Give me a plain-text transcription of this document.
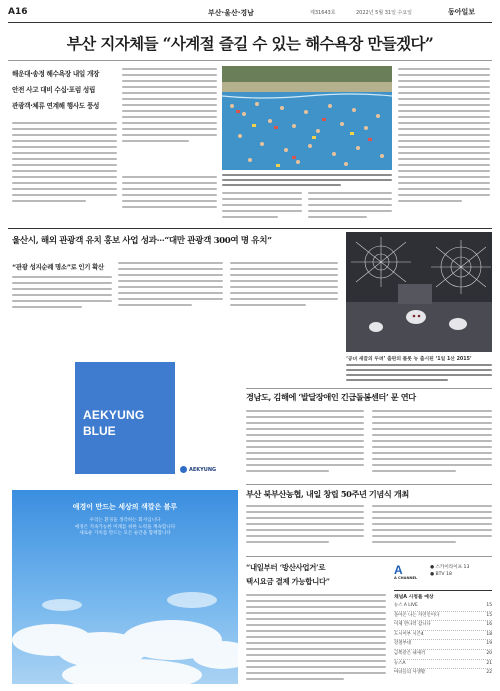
A16	부산·울산·경남	제31643호	2022년 5월 31일 수요일	동아일보
부산 지자체들 “사계절 즐길 수 있는 해수욕장 만들겠다”
해운대·송정 해수욕장 내일 개장
안전 사고 대비 수십·포럼 성립
관광객·체류 연계해 행사도 풍성
울산시, 해외 관광객 유치 홍보 사업 성과···“대만 관광객 300여 명 유치”
“관광 성지순례 명소”로 인기 확산
‘공녀 새끌의 두려’ 출판의 플롯 뉴 출시된 ‘1일 1산 2015’
AEKYUNG
BLUE
AEKYUNG
애경이 만드는 세상의 색깔은 블루
우리는 환경을 생각하는 회사입니다
애경은 지속가능한 미래를 위한 노력을 계속합니다
새로운 가치를 만드는 모든 순간을 함께합니다
경남도, 김해에 ‘발달장애인 긴급돌봄센터’ 문 연다
부산 북부산농협, 내일 창립 50주년 기념식 개최
“내일부터 ‘방산사업거’로
택시요금 결제 가능합니다”
A
A CHANNEL
● 스카이라이프 13
● BTV 18
채널A 시청률 예상
뉴스 A LIVE	15
돌아온 나는 자연인이다	15
이제 만나러 갑니다	16
도시어부 시즌4	18
강철부대	19
금쪽같은 내새끼	20
뉴스A	21
마녀들의 사생활	22
